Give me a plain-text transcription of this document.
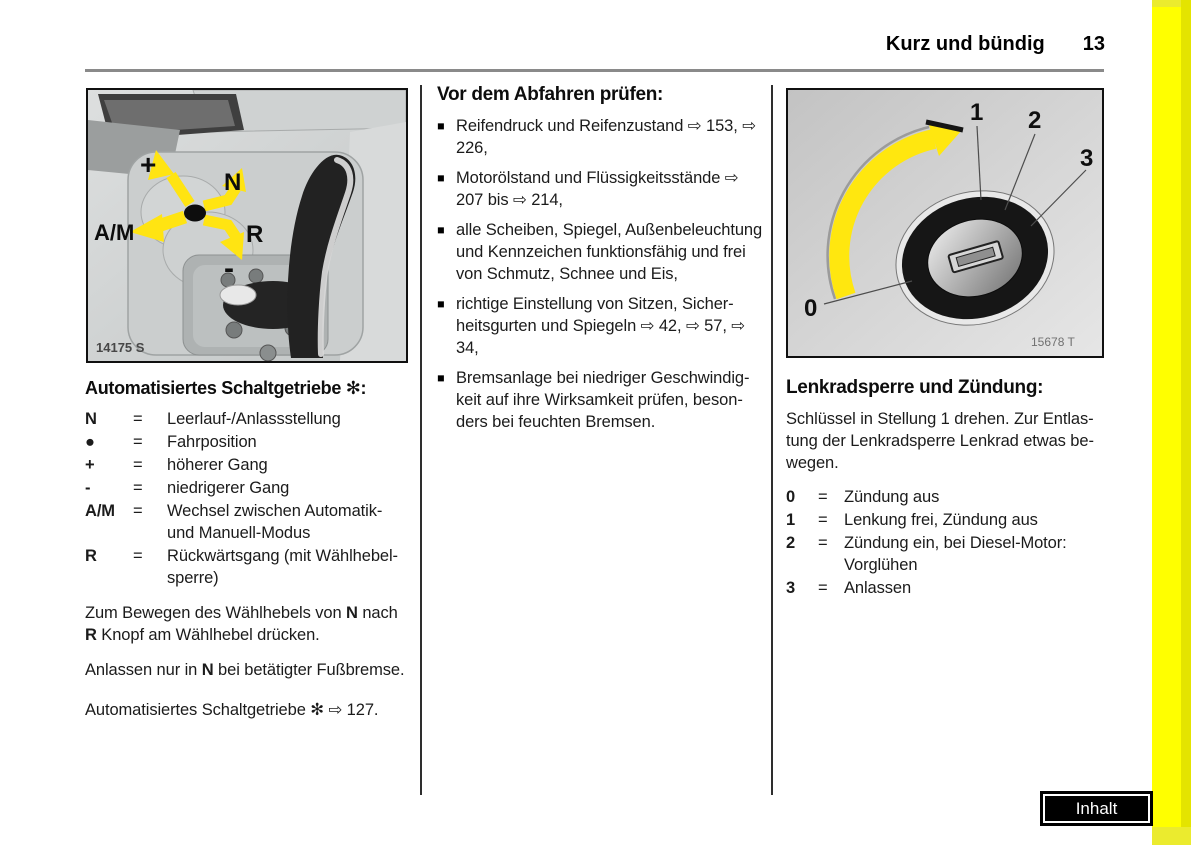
Kurz und bündig 13
+
N
A/M	R
-
14175 S
Automatisiertes Schaltgetriebe ✻:
N	=	Leerlauf-/Anlassstellung
●	=	Fahrposition
+	=	höherer Gang
-	=	niedrigerer Gang
A/M	=	Wechsel zwischen Automatik- und Manuell-Modus
R	=	Rückwärtsgang (mit Wählhebelsperre)

Zum Bewegen des Wählhebels von N nach R Knopf am Wählhebel drücken.

Anlassen nur in N bei betätigter Fußbremse.

Automatisiertes Schaltgetriebe ✻ ⇨ 127.

Vor dem Abfahren prüfen:
■ Reifendruck und Reifenzustand ⇨ 153, ⇨ 226,
■ Motorölstand und Flüssigkeitsstände ⇨ 207 bis ⇨ 214,
■ alle Scheiben, Spiegel, Außenbeleuchtung und Kennzeichen funktionsfähig und frei von Schmutz, Schnee und Eis,
■ richtige Einstellung von Sitzen, Sicherheitsgurten und Spiegeln ⇨ 42, ⇨ 57, ⇨ 34,
■ Bremsanlage bei niedriger Geschwindigkeit auf ihre Wirksamkeit prüfen, besonders bei feuchten Bremsen.
1 2
3
0
15678 T
Lenkradsperre und Zündung:

Schlüssel in Stellung 1 drehen. Zur Entlastung der Lenkradsperre Lenkrad etwas bewegen.

0	= Zündung aus
1	= Lenkung frei, Zündung aus
2	= Zündung ein, bei Diesel-Motor: Vorglühen
3	= Anlassen
Inhalt
